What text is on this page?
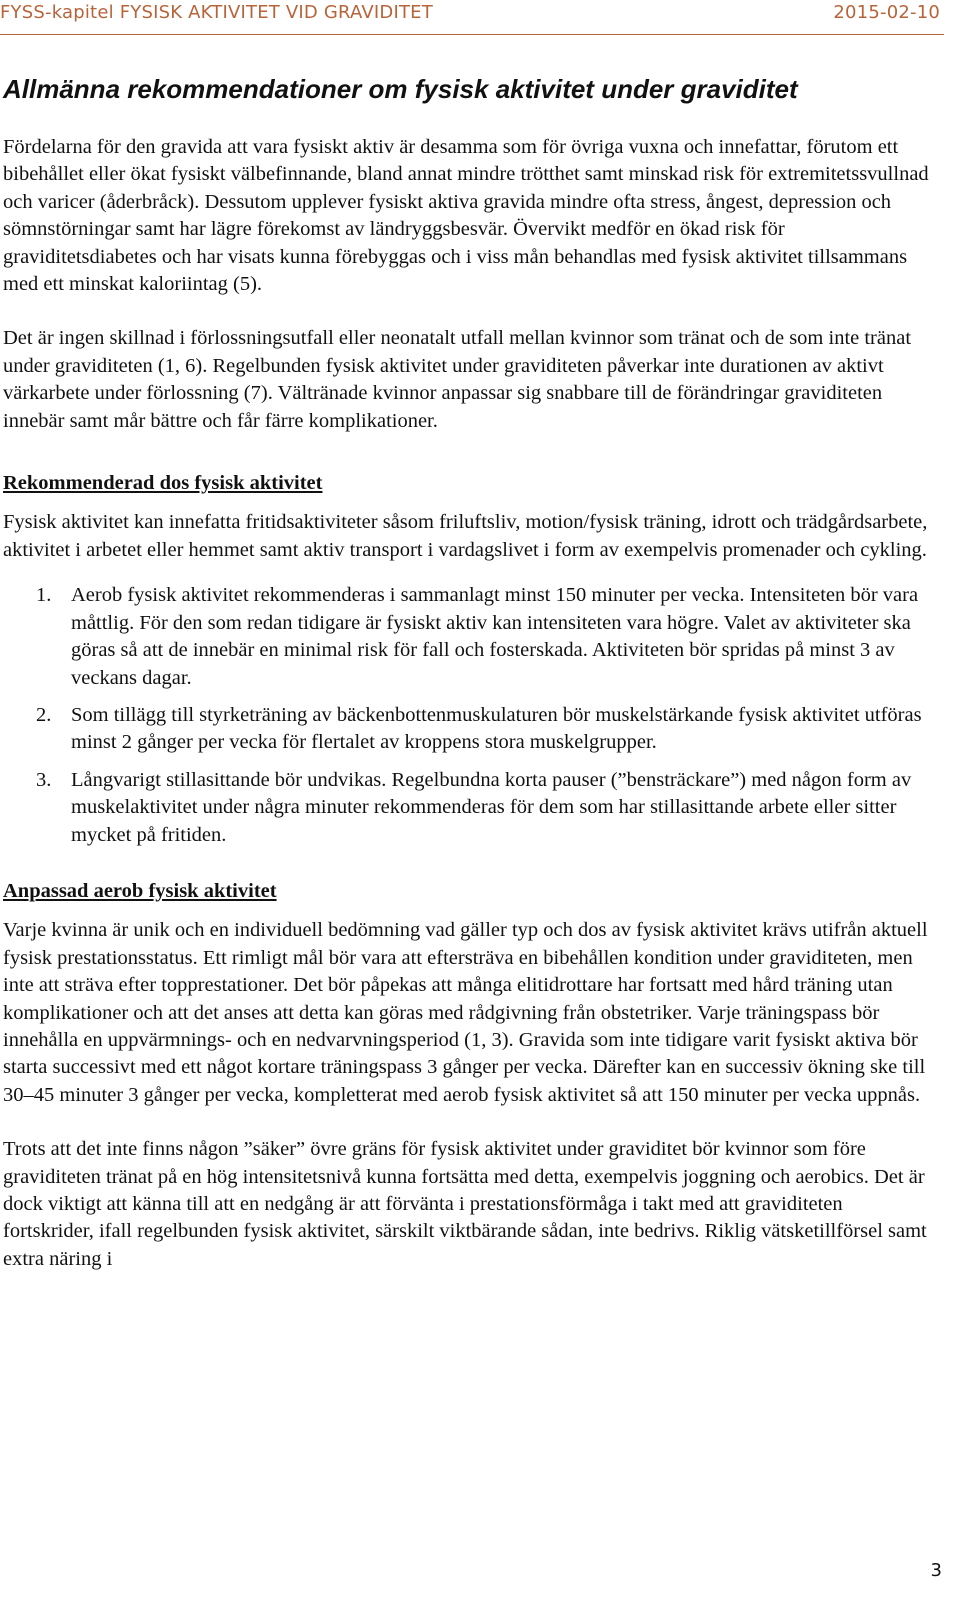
FYSS-kapitel FYSISK AKTIVITET VID GRAVIDITET	2015-02-10
Allmänna rekommendationer om fysisk aktivitet under graviditet

Fördelarna för den gravida att vara fysiskt aktiv är desamma som för övriga vuxna och innefattar, förutom ett bibehållet eller ökat fysiskt välbefinnande, bland annat mindre trötthet samt minskad risk för extremitetssvullnad och varicer (åderbråck). Dessutom upplever fysiskt aktiva gravida mindre ofta stress, ångest, depression och sömnstörningar samt har lägre förekomst av ländryggsbesvär. Övervikt medför en ökad risk för graviditetsdiabetes och har visats kunna förebyggas och i viss mån behandlas med fysisk aktivitet tillsammans med ett minskat kaloriintag (5).

Det är ingen skillnad i förlossningsutfall eller neonatalt utfall mellan kvinnor som tränat och de som inte tränat under graviditeten (1, 6). Regelbunden fysisk aktivitet under graviditeten påverkar inte durationen av aktivt värkarbete under förlossning (7). Vältränade kvinnor anpassar sig snabbare till de förändringar graviditeten innebär samt mår bättre och får färre komplikationer.

Rekommenderad dos fysisk aktivitet

Fysisk aktivitet kan innefatta fritidsaktiviteter såsom friluftsliv, motion/fysisk träning, idrott och trädgårdsarbete, aktivitet i arbetet eller hemmet samt aktiv transport i vardagslivet i form av exempelvis promenader och cykling.

1. Aerob fysisk aktivitet rekommenderas i sammanlagt minst 150 minuter per vecka. Intensiteten bör vara måttlig. För den som redan tidigare är fysiskt aktiv kan intensiteten vara högre. Valet av aktiviteter ska göras så att de innebär en minimal risk för fall och fosterskada. Aktiviteten bör spridas på minst 3 av veckans dagar.
2. Som tillägg till styrketräning av bäckenbottenmuskulaturen bör muskelstärkande fysisk aktivitet utföras minst 2 gånger per vecka för flertalet av kroppens stora muskelgrupper.
3. Långvarigt stillasittande bör undvikas. Regelbundna korta pauser (”bensträckare”) med någon form av muskelaktivitet under några minuter rekommenderas för dem som har stillasittande arbete eller sitter mycket på fritiden.
Anpassad aerob fysisk aktivitet

Varje kvinna är unik och en individuell bedömning vad gäller typ och dos av fysisk aktivitet krävs utifrån aktuell fysisk prestationsstatus. Ett rimligt mål bör vara att eftersträva en bibehållen kondition under graviditeten, men inte att sträva efter topprestationer. Det bör påpekas att många elitidrottare har fortsatt med hård träning utan komplikationer och att det anses att detta kan göras med rådgivning från obstetriker. Varje träningspass bör innehålla en uppvärmnings- och en nedvarvningsperiod (1, 3). Gravida som inte tidigare varit fysiskt aktiva bör starta successivt med ett något kortare träningspass 3 gånger per vecka. Därefter kan en successiv ökning ske till 30–45 minuter 3 gånger per vecka, kompletterat med aerob fysisk aktivitet så att 150 minuter per vecka uppnås.

Trots att det inte finns någon ”säker” övre gräns för fysisk aktivitet under graviditet bör kvinnor som före graviditeten tränat på en hög intensitetsnivå kunna fortsätta med detta, exempelvis joggning och aerobics. Det är dock viktigt att känna till att en nedgång är att förvänta i prestationsförmåga i takt med att graviditeten fortskrider, ifall regelbunden fysisk aktivitet, särskilt viktbärande sådan, inte bedrivs. Riklig vätsketillförsel samt extra näring i

3
